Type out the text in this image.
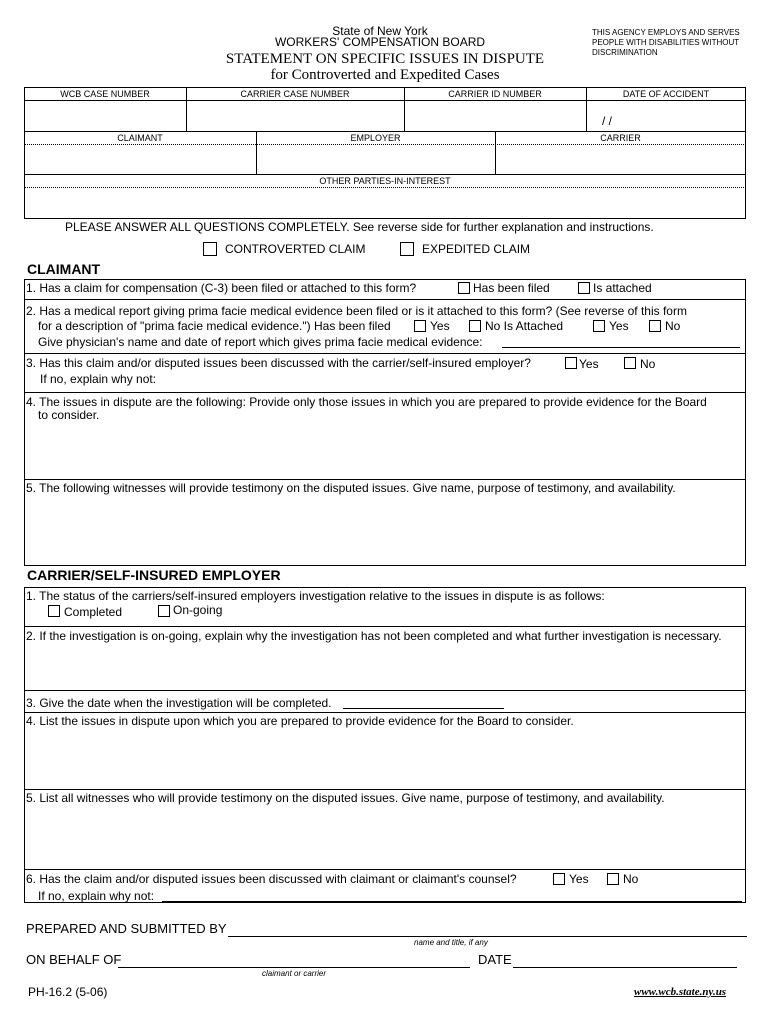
State of New York
WORKERS' COMPENSATION BOARD
STATEMENT ON SPECIFIC ISSUES IN DISPUTE
for Controverted and Expedited Cases
THIS AGENCY EMPLOYS AND SERVES
PEOPLE WITH DISABILITIES WITHOUT
DISCRIMINATION
WCB CASE NUMBER	CARRIER CASE NUMBER	CARRIER ID NUMBER	DATE OF ACCIDENT
/ /
CLAIMANT	EMPLOYER	CARRIER
OTHER PARTIES-IN-INTEREST
PLEASE ANSWER ALL QUESTIONS COMPLETELY. See reverse side for further explanation and instructions.
CONTROVERTED CLAIM	EXPEDITED CLAIM
CLAIMANT
1. Has a claim for compensation (C-3) been filed or attached to this form?	Has been filed	Is attached
2. Has a medical report giving prima facie medical evidence been filed or is it attached to this form? (See reverse of this form
for a description of "prima facie medical evidence.") Has been filed	Yes	No Is Attached	Yes	No
Give physician's name and date of report which gives prima facie medical evidence:
3. Has this claim and/or disputed issues been discussed with the carrier/self-insured employer?	Yes	No
If no, explain why not:
4. The issues in dispute are the following: Provide only those issues in which you are prepared to provide evidence for the Board
to consider.
5. The following witnesses will provide testimony on the disputed issues. Give name, purpose of testimony, and availability.
CARRIER/SELF-INSURED EMPLOYER
1. The status of the carriers/self-insured employers investigation relative to the issues in dispute is as follows:
Completed	On-going
2. If the investigation is on-going, explain why the investigation has not been completed and what further investigation is necessary.
3. Give the date when the investigation will be completed.
4. List the issues in dispute upon which you are prepared to provide evidence for the Board to consider.
5. List all witnesses who will provide testimony on the disputed issues. Give name, purpose of testimony, and availability.
6. Has the claim and/or disputed issues been discussed with claimant or claimant's counsel?	Yes	No
If no, explain why not:
PREPARED AND SUBMITTED BY
name and title, if any
ON BEHALF OF	DATE
claimant or carrier
PH-16.2 (5-06)	www.wcb.state.ny.us
